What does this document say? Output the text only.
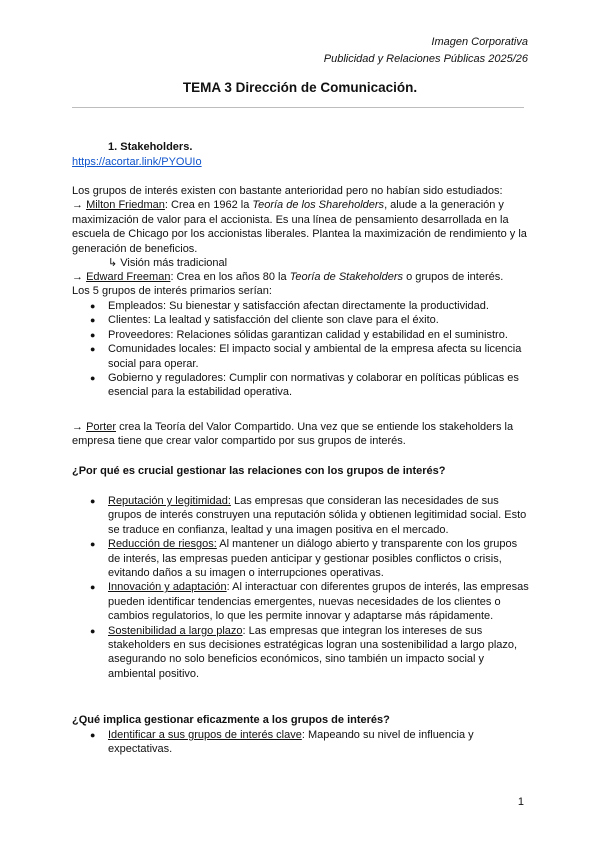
Imagen Corporativa
Publicidad y Relaciones Públicas 2025/26
TEMA 3 Dirección de Comunicación.

1. Stakeholders.

https://acortar.link/PYOUIo

Los grupos de interés existen con bastante anterioridad pero no habían sido estudiados:
→ Milton Friedman: Crea en 1962 la Teoría de los Shareholders, alude a la generación y maximización de valor para el accionista. Es una línea de pensamiento desarrollada en la escuela de Chicago por los accionistas liberales. Plantea la maximización de rendimiento y la generación de beneficios.

↳ Visión más tradicional

→ Edward Freeman: Crea en los años 80 la Teoría de Stakeholders o grupos de interés.
Los 5 grupos de interés primarios serían:

● Empleados: Su bienestar y satisfacción afectan directamente la productividad.
● Clientes: La lealtad y satisfacción del cliente son clave para el éxito.
● Proveedores: Relaciones sólidas garantizan calidad y estabilidad en el suministro.
● Comunidades locales: El impacto social y ambiental de la empresa afecta su licencia social para operar.
● Gobierno y reguladores: Cumplir con normativas y colaborar en políticas públicas es esencial para la estabilidad operativa.

→ Porter crea la Teoría del Valor Compartido. Una vez que se entiende los stakeholders la empresa tiene que crear valor compartido por sus grupos de interés.

¿Por qué es crucial gestionar las relaciones con los grupos de interés?

● Reputación y legitimidad: Las empresas que consideran las necesidades de sus grupos de interés construyen una reputación sólida y obtienen legitimidad social. Esto se traduce en confianza, lealtad y una imagen positiva en el mercado.
● Reducción de riesgos: Al mantener un diálogo abierto y transparente con los grupos de interés, las empresas pueden anticipar y gestionar posibles conflictos o crisis, evitando daños a su imagen o interrupciones operativas.
● Innovación y adaptación: Al interactuar con diferentes grupos de interés, las empresas pueden identificar tendencias emergentes, nuevas necesidades de los clientes o cambios regulatorios, lo que les permite innovar y adaptarse más rápidamente.
● Sostenibilidad a largo plazo: Las empresas que integran los intereses de sus stakeholders en sus decisiones estratégicas logran una sostenibilidad a largo plazo, asegurando no solo beneficios económicos, sino también un impacto social y ambiental positivo.

¿Qué implica gestionar eficazmente a los grupos de interés?

● Identificar a sus grupos de interés clave: Mapeando su nivel de influencia y expectativas.
1
